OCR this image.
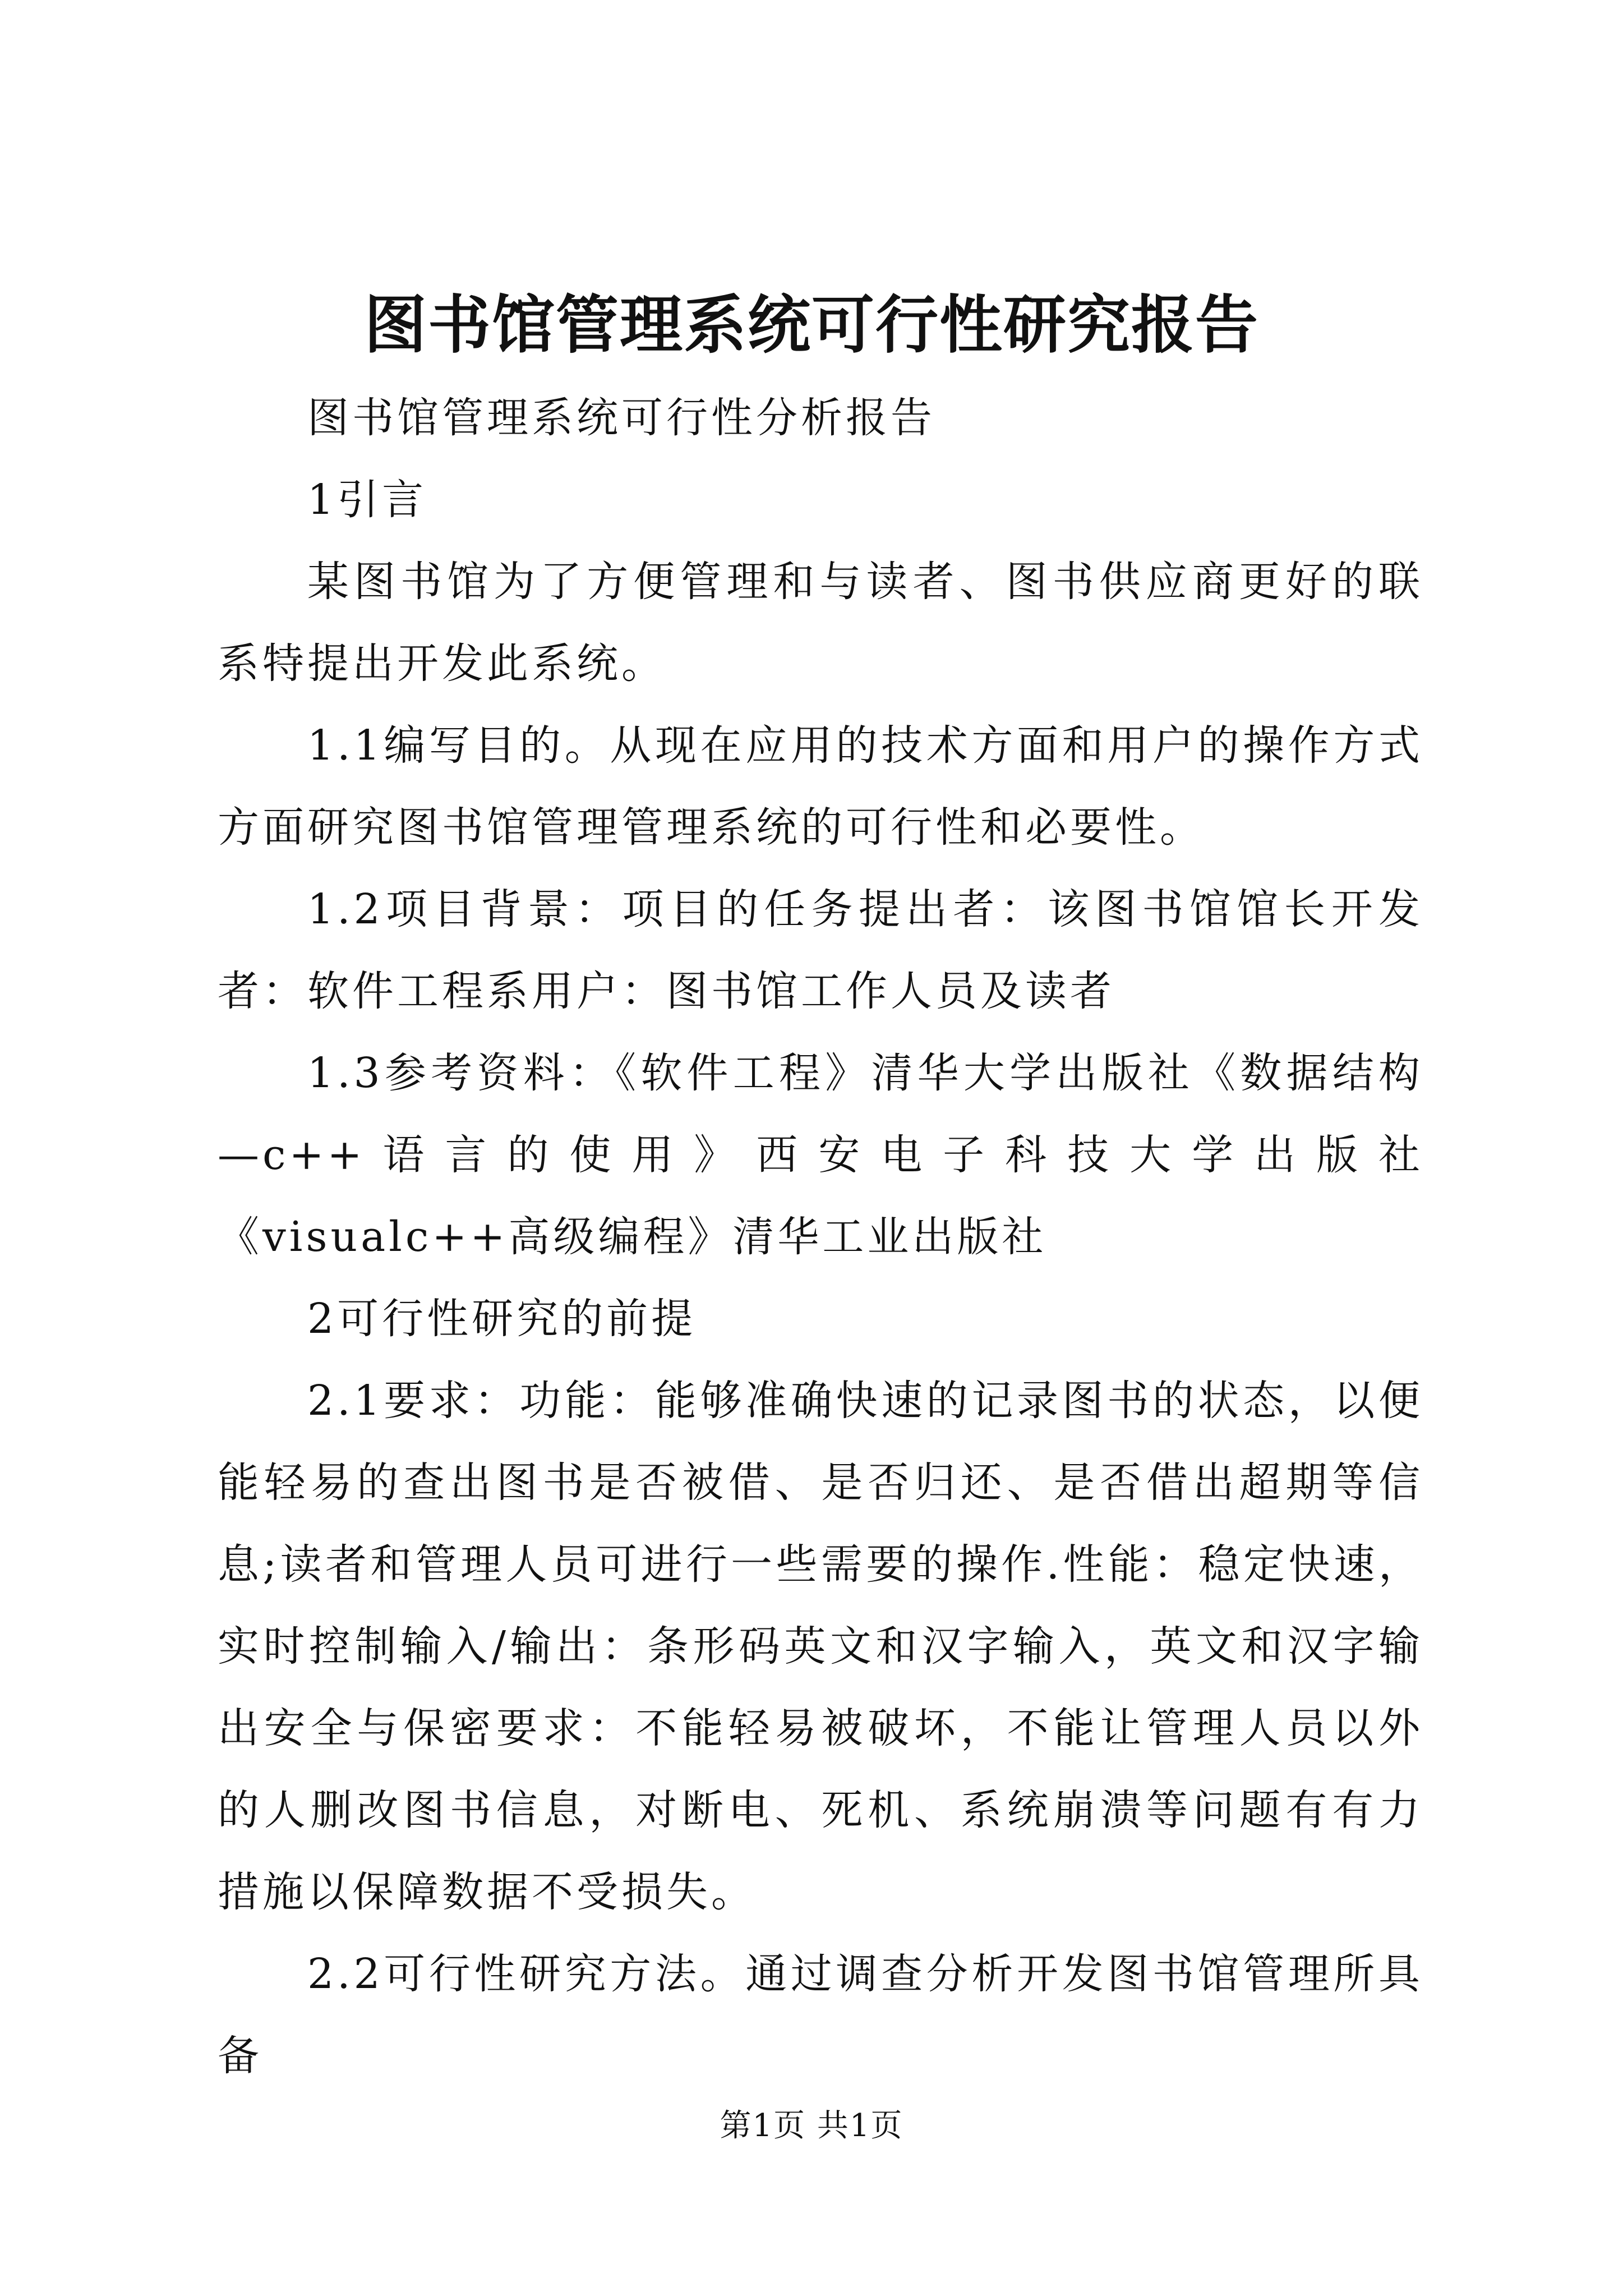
图书馆管理系统可行性研究报告

图书馆管理系统可行性分析报告

1引言

某图书馆为了方便管理和与读者、图书供应商更好的联系特提出开发此系统。

1.1编写目的。从现在应用的技术方面和用户的操作方式方面研究图书馆管理管理系统的可行性和必要性。

1.2项目背景：项目的任务提出者：该图书馆馆长开发者：软件工程系用户：图书馆工作人员及读者

1.3参考资料：《软件工程》清华大学出版社《数据结构—c++语言的使用》西安电子科技大学出版社《visualc++高级编程》清华工业出版社

2可行性研究的前提

2.1要求：功能：能够准确快速的记录图书的状态，以便能轻易的查出图书是否被借、是否归还、是否借出超期等信息;读者和管理人员可进行一些需要的操作.性能：稳定快速，实时控制输入/输出：条形码英文和汉字输入，英文和汉字输出安全与保密要求：不能轻易被破坏，不能让管理人员以外的人删改图书信息，对断电、死机、系统崩溃等问题有有力措施以保障数据不受损失。

2.2可行性研究方法。通过调查分析开发图书馆管理所具备

第1页 共1页
